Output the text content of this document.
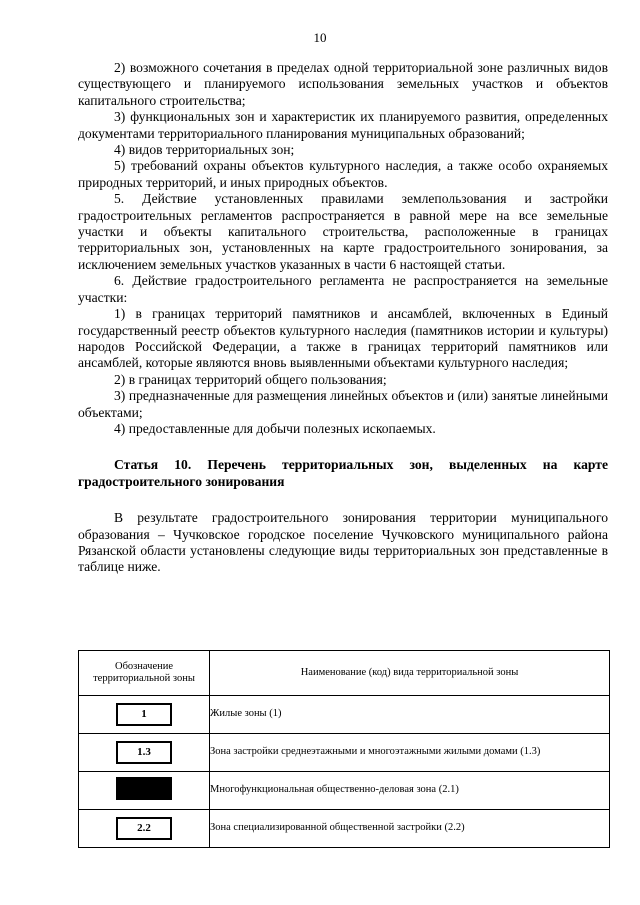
10

2) возможного сочетания в пределах одной территориальной зоне различных видов существующего и планируемого использования земельных участков и объектов капитального строительства;

3) функциональных зон и характеристик их планируемого развития, определенных документами территориального планирования муниципальных образований;

4) видов территориальных зон;

5) требований охраны объектов культурного наследия, а также особо охраняемых природных территорий, и иных природных объектов.

5. Действие установленных правилами землепользования и застройки градостроительных регламентов распространяется в равной мере на все земельные участки и объекты капитального строительства, расположенные в границах территориальных зон, установленных на карте градостроительного зонирования, за исключением земельных участков указанных в части 6 настоящей статьи.

6. Действие градостроительного регламента не распространяется на земельные участки:

1) в границах территорий памятников и ансамблей, включенных в Единый государственный реестр объектов культурного наследия (памятников истории и культуры) народов Российской Федерации, а также в границах территорий памятников или ансамблей, которые являются вновь выявленными объектами культурного наследия;

2) в границах территорий общего пользования;

3) предназначенные для размещения линейных объектов и (или) занятые линейными объектами;

4) предоставленные для добычи полезных ископаемых.

Статья 10. Перечень территориальных зон, выделенных на карте градостроительного зонирования

В результате градостроительного зонирования территории муниципального образования – Чучковское городское поселение Чучковского муниципального района Рязанской области установлены следующие виды территориальных зон представленные в таблице ниже.

Обозначение территориальной зоны	Наименование (код) вида территориальной зоны
1	Жилые зоны (1)
1.3	Зона застройки среднеэтажными и многоэтажными жилыми домами (1.3)
	Многофункциональная общественно-деловая зона (2.1)
2.2	Зона специализированной общественной застройки (2.2)
